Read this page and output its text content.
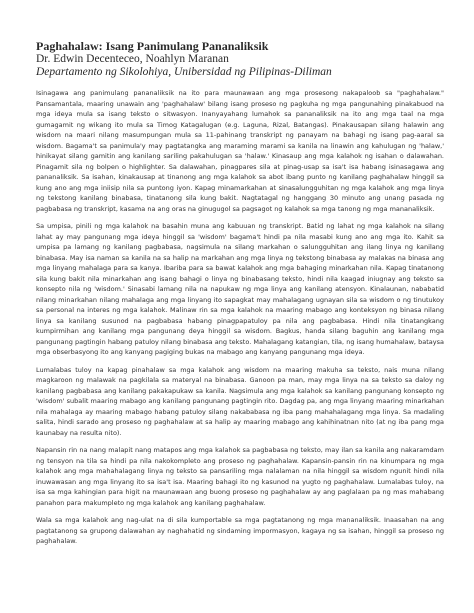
Paghahalaw: Isang Panimulang Pananaliksik

Dr. Edwin Decenteceo, Noahlyn Maranan

Departamento ng Sikolohiya, Unibersidad ng Pilipinas-Diliman

Isinagawa ang panimulang pananaliksik na ito para maunawaan ang mga prosesong nakapaloob sa "paghahalaw." Pansamantala, maaring unawain ang 'paghahalaw' bilang isang proseso ng pagkuha ng mga pangunahing pinakabuod na mga ideya mula sa isang teksto o sitwasyon. Inanyayahang lumahok sa pananaliksik na ito ang mga taal na mga gumagamit ng wikang ito mula sa Timog Katagalugan (e.g. Laguna, Rizal, Batangas). Pinakausapan silang halawin ang wisdom na maari nilang masumpungan mula sa 11-pahinang transkript ng panayam na bahagi ng isang pag-aaral sa wisdom. Bagama't sa panimula'y may pagtatangka ang maraming marami sa kanila na linawin ang kahulugan ng 'halaw,' hinikayat silang gamitin ang kanilang sariling pakahulugan sa 'halaw.' Kinasaup ang mga kalahok ng isahan o dalawahan. Pinagamit sila ng bolpen o highlighter. Sa dalawahan, pinagpares sila at pinag-usap sa isa't isa habang isinasagawa ang pananaliksik. Sa isahan, kinakausap at tinanong ang mga kalahok sa abot ibang punto ng kanilang paghahalaw hinggil sa kung ano ang mga iniisip nila sa puntong iyon. Kapag minamarkahan at sinasalungguhitan ng mga kalahok ang mga linya ng tekstong kanilang binabasa, tinatanong sila kung bakit. Nagtatagal ng hanggang 30 minuto ang unang pasada ng pagbabasa ng transkript, kasama na ang oras na ginugugol sa pagsagot ng kalahok sa mga tanong ng mga mananaliksik.

Sa umpisa, pinili ng mga kalahok na basahin muna ang kabuuan ng transkript. Batid ng lahat ng mga kalahok na silang lahat ay may pangunang mga ideya hinggil sa 'wisdom' bagama't hindi pa nila masabi kung ano ang mga ito. Kahit sa umpisa pa lamang ng kanilang pagbabasa, nagsimula na silang markahan o salungguhitan ang ilang linya ng kanilang binabasa. May isa naman sa kanila na sa halip na markahan ang mga linya ng tekstong binabasa ay malakas na binasa ang mga linyang mahalaga para sa kanya. Ibariba para sa bawat kalahok ang mga bahaging minarkahan nila. Kapag tinatanong sila kung bakit nila minarkahan ang isang bahagi o linya ng binabasang teksto, hindi nila kaagad iniugnay ang teksto sa konsepto nila ng 'wisdom.' Sinasabi lamang nila na napukaw ng mga linya ang kanilang atensyon. Kinalaunan, nababatid nilang minarkahan nilang mahalaga ang mga linyang ito sapagkat may mahalagang ugnayan sila sa wisdom o ng tinutukoy sa personal na interes ng mga kalahok. Malinaw rin sa mga kalahok na maaring mabago ang konteksyon ng binasa nilang linya sa kanilang susunod na pagbabasa habang pinagpapatuloy pa nila ang pagbabasa. Hindi nila tinatangkang kumpirmihan ang kanilang mga pangunang deya hinggil sa wisdom. Bagkus, handa silang baguhin ang kanilang mga pangunang pagtingin habang patuloy nilang binabasa ang teksto. Mahalagang katangian, tila, ng isang humahalaw, bataysa mga obserbasyong ito ang kanyang pagiging bukas na mabago ang kanyang pangunang mga ideya.

Lumalabas tuloy na kapag pinahalaw sa mga kalahok ang wisdom na maaring makuha sa teksto, nais muna nilang magkaroon ng malawak na pagkilala sa materyal na binabasa. Ganoon pa man, may mga linya na sa teksto sa daloy ng kanilang pagbabasa ang kanilang pakakapukaw sa kanila. Nagsimula ang mga kalahok sa kanilang pangunang konsepto ng 'wisdom' subalit maaring mabago ang kanilang pangunang pagtingin rito. Dagdag pa, ang mga linyang maaring minarkahan nila mahalaga ay maaring mabago habang patuloy silang nakababasa ng iba pang mahahalagang mga linya. Sa madaling salita, hindi sarado ang proseso ng paghahalaw at sa halip ay maaring mabago ang kahihinatnan nito (at ng iba pang mga kaunabay na resulta nito).

Napansin rin na nang malapit nang matapos ang mga kalahok sa pagbabasa ng teksto, may ilan sa kanila ang nakaramdam ng tensyon na tila sa hindi pa nila nakokompleto ang proseso ng paghahalaw. Kapansin-pansin rin na kinumpara ng mga kalahok ang mga mahahalagang linya ng teksto sa pansariling mga nalalaman na nila hinggil sa wisdom ngunit hindi nila inuwawasan ang mga linyang ito sa isa't isa. Maaring bahagi ito ng kasunod na yugto ng paghahalaw. Lumalabas tuloy, na isa sa mga kahingian para higit na maunawaan ang buong proseso ng paghahalaw ay ang paglalaan pa ng mas mahabang panahon para makumpleto ng mga kalahok ang kanilang paghahalaw.

Wala sa mga kalahok ang nag-ulat na di sila kumportable sa mga pagtatanong ng mga mananaliksik. Inaasahan na ang pagtatanong sa grupong dalawahan ay naghahatid ng sindaming impormasyon, kagaya ng sa isahan, hinggil sa proseso ng paghahalaw.
